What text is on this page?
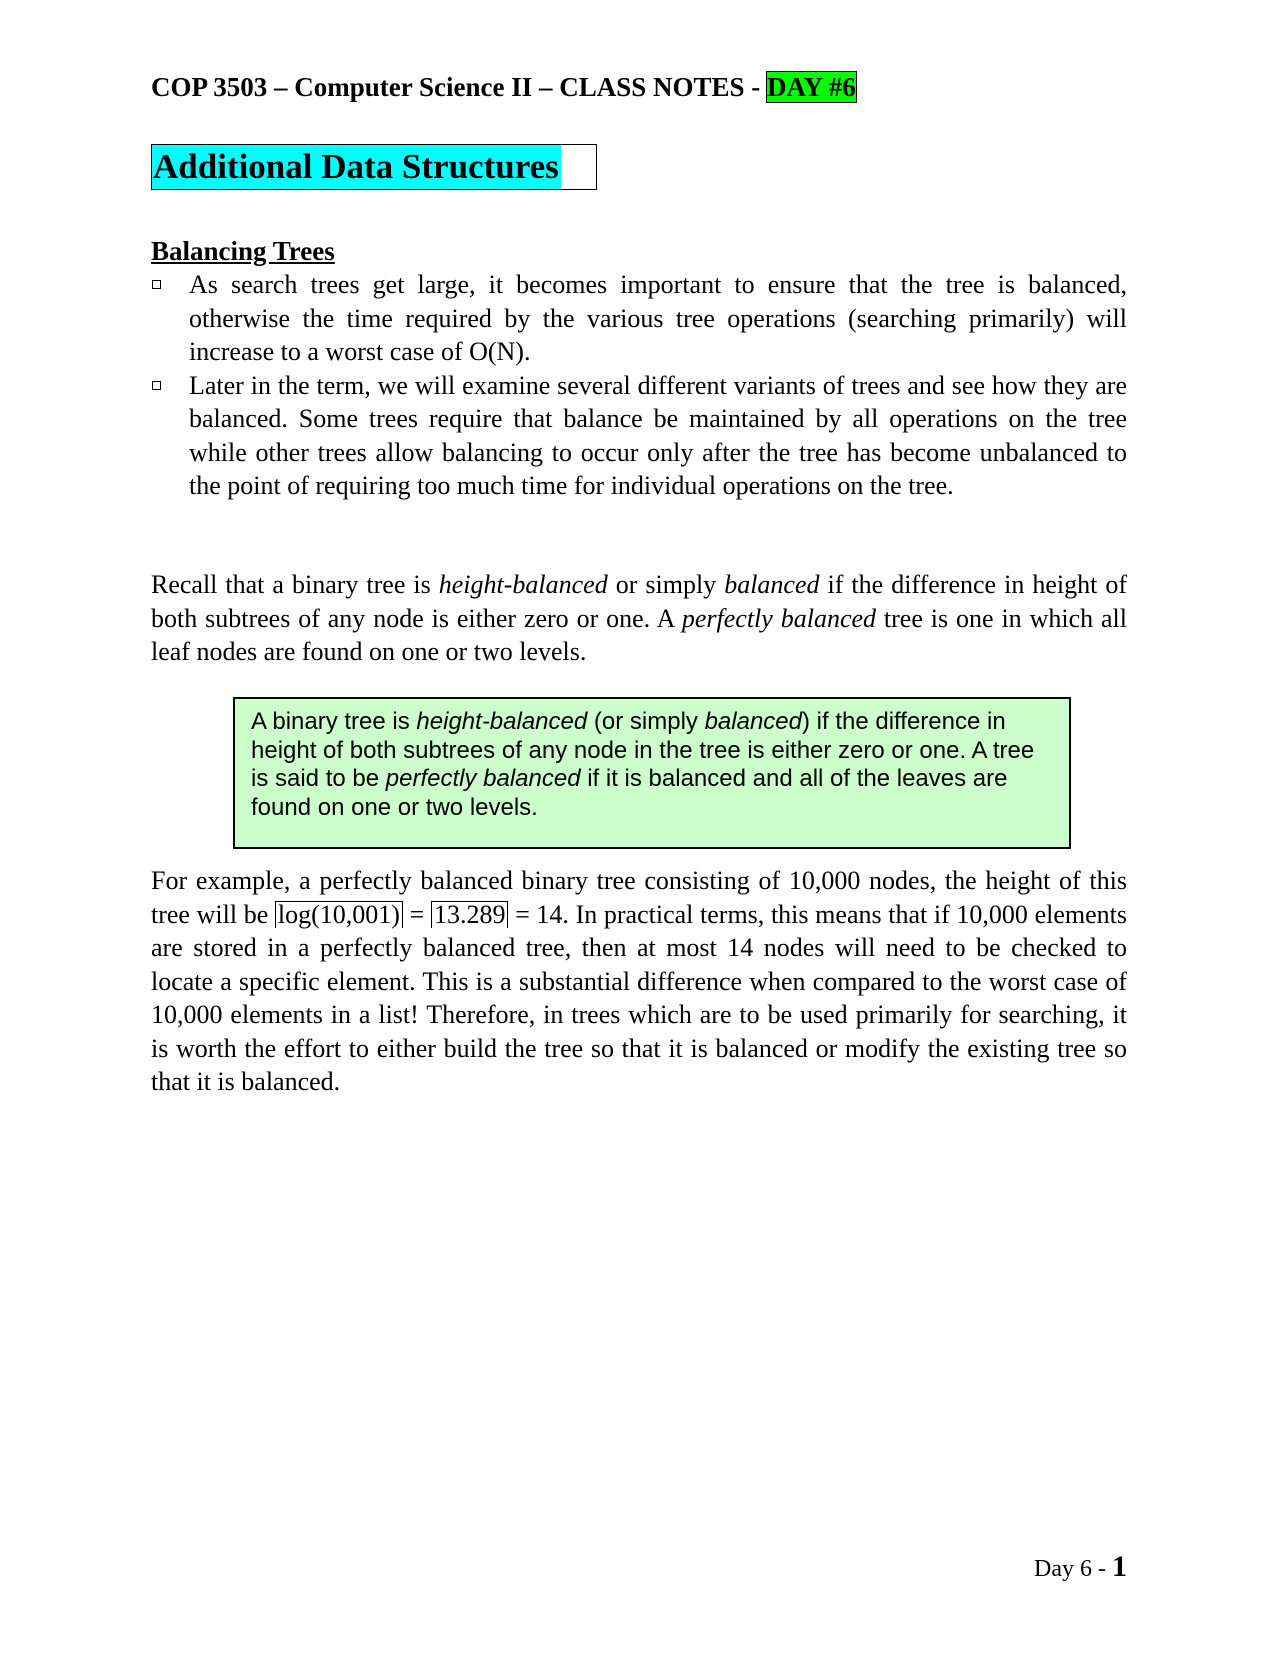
COP 3503 – Computer Science II – CLASS NOTES - DAY #6
Additional Data Structures
Balancing Trees
As search trees get large, it becomes important to ensure that the tree is balanced, otherwise the time required by the various tree operations (searching primarily) will increase to a worst case of O(N).
Later in the term, we will examine several different variants of trees and see how they are balanced. Some trees require that balance be maintained by all operations on the tree while other trees allow balancing to occur only after the tree has become unbalanced to the point of requiring too much time for individual operations on the tree.

Recall that a binary tree is height-balanced or simply balanced if the difference in height of both subtrees of any node is either zero or one. A perfectly balanced tree is one in which all leaf nodes are found on one or two levels.

A binary tree is height-balanced (or simply balanced) if the difference in height of both subtrees of any node in the tree is either zero or one. A tree is said to be perfectly balanced if it is balanced and all of the leaves are found on one or two levels.

For example, a perfectly balanced binary tree consisting of 10,000 nodes, the height of this tree will be log(10,001) = 13.289 = 14. In practical terms, this means that if 10,000 elements are stored in a perfectly balanced tree, then at most 14 nodes will need to be checked to locate a specific element. This is a substantial difference when compared to the worst case of 10,000 elements in a list! Therefore, in trees which are to be used primarily for searching, it is worth the effort to either build the tree so that it is balanced or modify the existing tree so that it is balanced.

Day 6 - 1
